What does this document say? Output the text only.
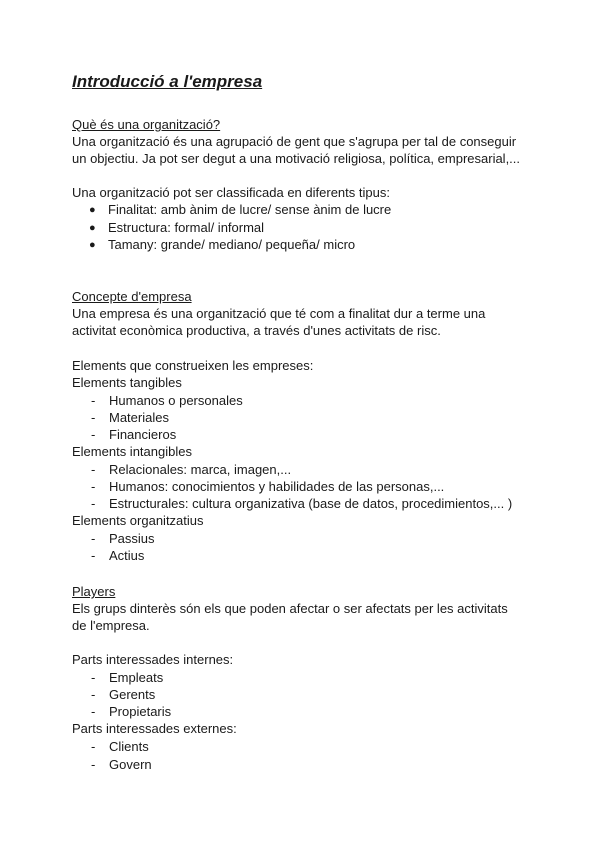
Introducció a l'empresa
Què és una organització?
Una organització és una agrupació de gent que s'agrupa per tal de conseguir
un objectiu. Ja pot ser degut a una motivació religiosa, política, empresarial,...
Una organització pot ser classificada en diferents tipus:
● Finalitat: amb ànim de lucre/ sense ànim de lucre
● Estructura: formal/ informal
● Tamany: grande/ mediano/ pequeña/ micro
Concepte d'empresa
Una empresa és una organització que té com a finalitat dur a terme una
activitat econòmica productiva, a través d'unes activitats de risc.
Elements que construeixen les empreses:
Elements tangibles
- Humanos o personales
- Materiales
- Financieros
Elements intangibles
- Relacionales: marca, imagen,...
- Humanos: conocimientos y habilidades de las personas,...
- Estructurales: cultura organizativa (base de datos, procedimientos,... )
Elements organitzatius
- Passius
- Actius
Players
Els grups dinterès són els que poden afectar o ser afectats per les activitats
de l'empresa.
Parts interessades internes:
- Empleats
- Gerents
- Propietaris
Parts interessades externes:
- Clients
- Govern
